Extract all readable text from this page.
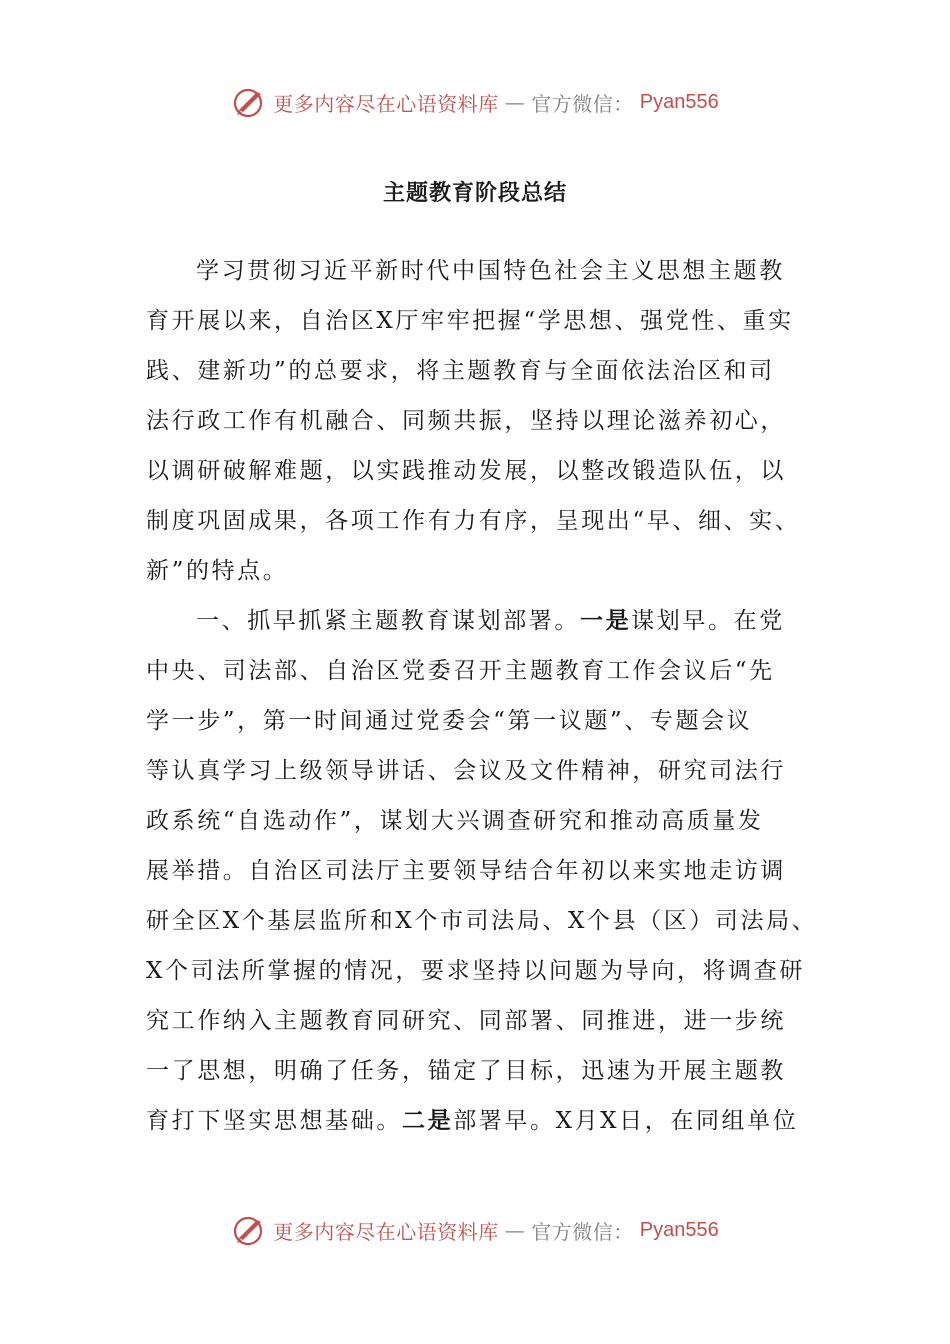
更多内容尽在心语资料库 — 官方微信： Pyan556
主题教育阶段总结
学习贯彻习近平新时代中国特色社会主义思想主题教
育开展以来，自治区X厅牢牢把握“学思想、强党性、重实
践、建新功”的总要求，将主题教育与全面依法治区和司
法行政工作有机融合、同频共振，坚持以理论滋养初心，
以调研破解难题，以实践推动发展，以整改锻造队伍，以
制度巩固成果，各项工作有力有序，呈现出“早、细、实、
新”的特点。
一、抓早抓紧主题教育谋划部署。一是谋划早。在党
中央、司法部、自治区党委召开主题教育工作会议后“先
学一步”，第一时间通过党委会“第一议题”、专题会议
等认真学习上级领导讲话、会议及文件精神，研究司法行
政系统“自选动作”，谋划大兴调查研究和推动高质量发
展举措。自治区司法厅主要领导结合年初以来实地走访调
研全区X个基层监所和X个市司法局、X个县（区）司法局、
X个司法所掌握的情况，要求坚持以问题为导向，将调查研
究工作纳入主题教育同研究、同部署、同推进，进一步统
一了思想，明确了任务，锚定了目标，迅速为开展主题教
育打下坚实思想基础。二是部署早。X月X日，在同组单位
更多内容尽在心语资料库 — 官方微信： Pyan556
